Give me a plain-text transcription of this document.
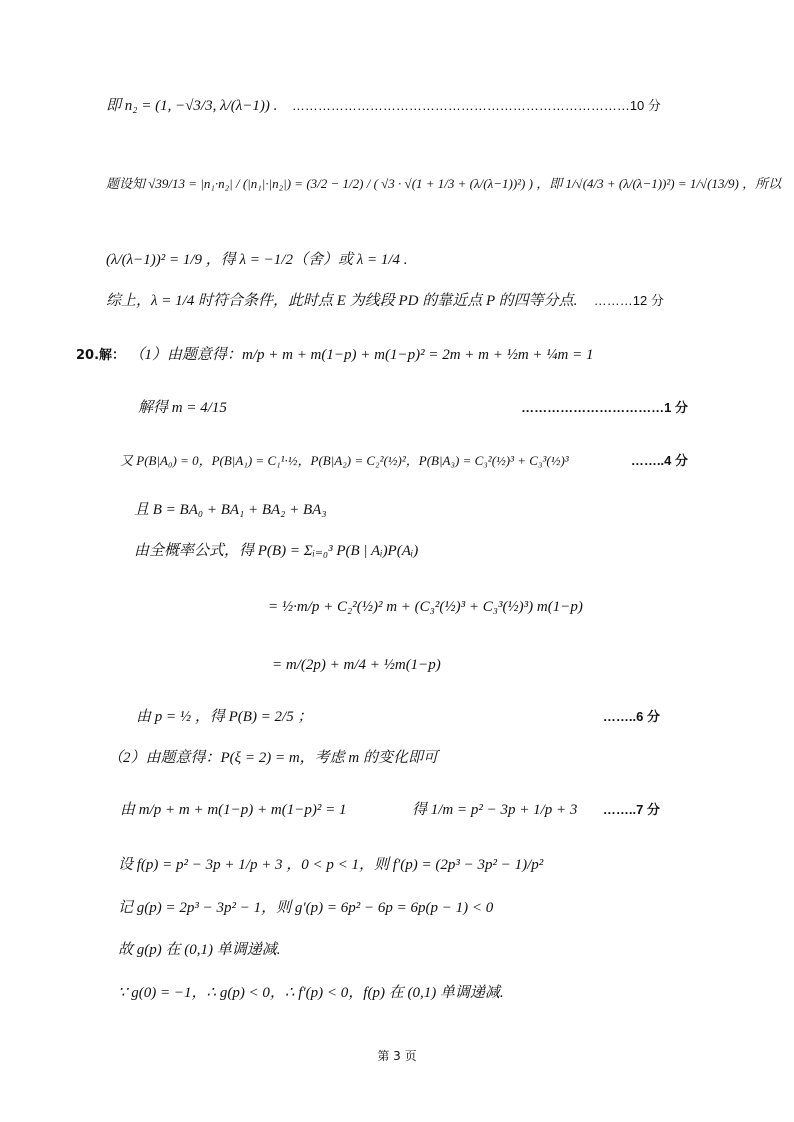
即 n₂ = (1, −√3/3, λ/(λ−1)) . ……………………………………………………………………10 分
题设知 √39/13 = |n₁·n₂| / (|n₁|·|n₂|) = (3/2 − 1/2) / ( √3 · √(1 + 1/3 + (λ/(λ−1))²) ) ，即 1/√(4/3 + (λ/(λ−1))²) = 1/√(13/9) ，所以
(λ/(λ−1))² = 1/9 ，得 λ = −1/2（舍）或 λ = 1/4 .
综上，λ = 1/4 时符合条件，此时点 E 为线段 PD 的靠近点 P 的四等分点. ………12 分
20.解： （1）由题意得：m/p + m + m(1−p) + m(1−p)² = 2m + m + ½m + ¼m = 1
解得 m = 4/15	……………………………1 分
又 P(B|A₀) = 0，P(B|A₁) = C₁¹·½，P(B|A₂) = C₂²(½)²，P(B|A₃) = C₃²(½)³ + C₃³(½)³	……..4 分
且 B = BA₀ + BA₁ + BA₂ + BA₃
由全概率公式，得 P(B) = Σᵢ₌₀³ P(B | Aᵢ)P(Aᵢ)
= ½·m/p + C₂²(½)² m + (C₃²(½)³ + C₃³(½)³) m(1−p)
= m/(2p) + m/4 + ½m(1−p)
由 p = ½ ，得 P(B) = 2/5 ；	……..6 分
（2）由题意得：P(ξ = 2) = m，考虑 m 的变化即可
由 m/p + m + m(1−p) + m(1−p)² = 1	得 1/m = p² − 3p + 1/p + 3 ……..7 分
设 f(p) = p² − 3p + 1/p + 3 ，0 < p < 1，则 f′(p) = (2p³ − 3p² − 1)/p²
记 g(p) = 2p³ − 3p² − 1，则 g′(p) = 6p² − 6p = 6p(p − 1) < 0
故 g(p) 在 (0,1) 单调递减.
∵ g(0) = −1，∴ g(p) < 0，∴ f′(p) < 0，f(p) 在 (0,1) 单调递减.
第 3 页
